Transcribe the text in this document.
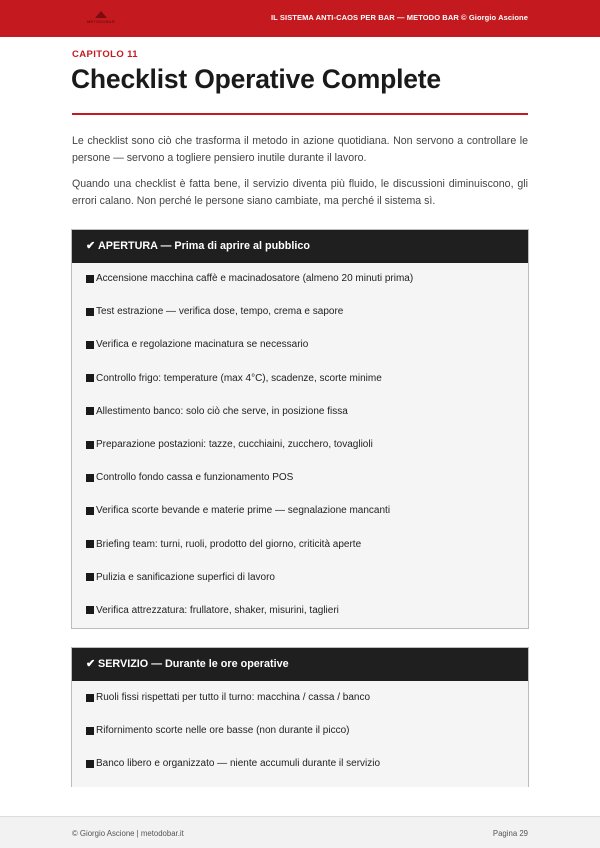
METODOBAR	IL SISTEMA ANTI-CAOS PER BAR — METODO BAR © Giorgio Ascione
CAPITOLO 11
Checklist Operative Complete

Le checklist sono ciò che trasforma il metodo in azione quotidiana. Non servono a controllare le persone — servono a togliere pensiero inutile durante il lavoro.

Quando una checklist è fatta bene, il servizio diventa più fluido, le discussioni diminuiscono, gli errori calano. Non perché le persone siano cambiate, ma perché il sistema sì.

✔ APERTURA — Prima di aprire al pubblico
Accensione macchina caffè e macinadosatore (almeno 20 minuti prima)
Test estrazione — verifica dose, tempo, crema e sapore
Verifica e regolazione macinatura se necessario
Controllo frigo: temperature (max 4°C), scadenze, scorte minime
Allestimento banco: solo ciò che serve, in posizione fissa
Preparazione postazioni: tazze, cucchiaini, zucchero, tovaglioli
Controllo fondo cassa e funzionamento POS
Verifica scorte bevande e materie prime — segnalazione mancanti
Briefing team: turni, ruoli, prodotto del giorno, criticità aperte
Pulizia e sanificazione superfici di lavoro
Verifica attrezzatura: frullatore, shaker, misurini, taglieri
✔ SERVIZIO — Durante le ore operative
Ruoli fissi rispettati per tutto il turno: macchina / cassa / banco
Rifornimento scorte nelle ore basse (non durante il picco)
Banco libero e organizzato — niente accumuli durante il servizio
© Giorgio Ascione | metodobar.it	Pagina 29
